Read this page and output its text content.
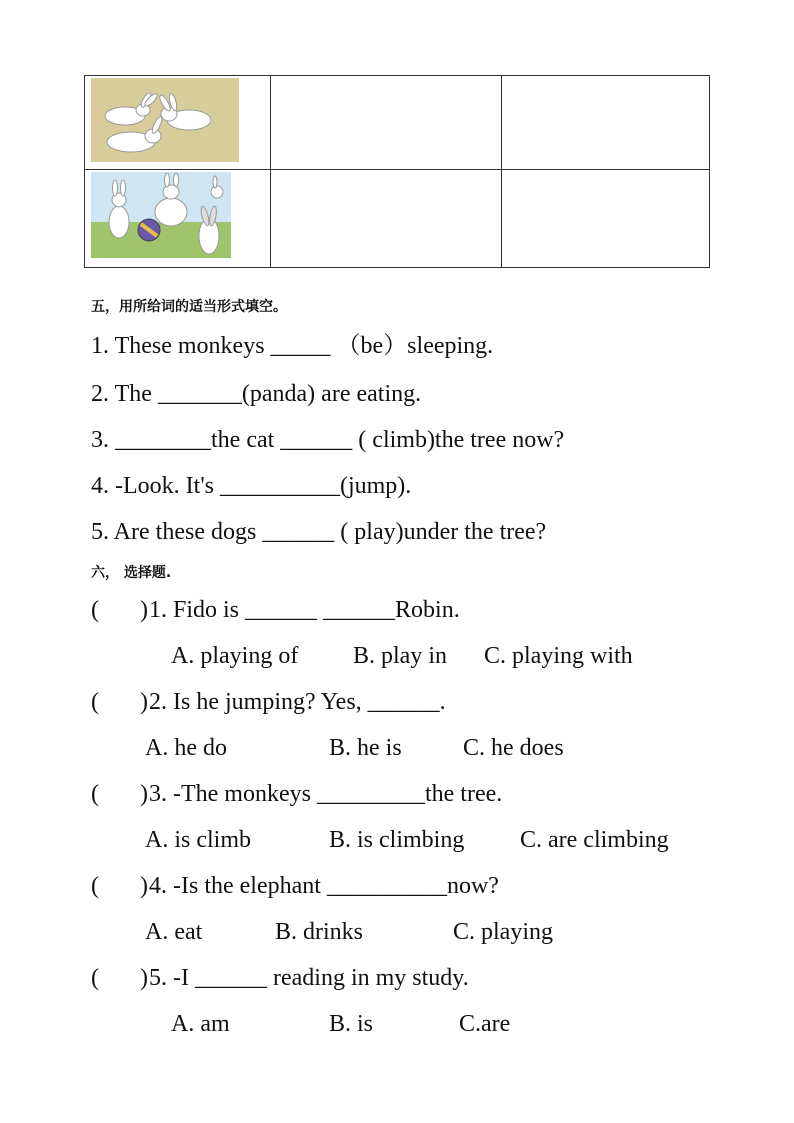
五，用所给词的适当形式填空。
1. These monkeys _____ （be）sleeping.
2. The _______(panda) are eating.
3. ________the cat ______ ( climb)the tree now?
4. -Look. It's __________(jump).
5. Are these dogs ______ ( play)under the tree?
六， 选择题.
( ) 1. Fido is ______ ______Robin.
A. playing of B. play in C. playing with
( ) 2. Is he jumping? Yes, ______.
A. he do	B. he is	C. he does
( ) 3. -The monkeys _________the tree.
A. is climb	B. is climbing C. are climbing
( ) 4. -Is the elephant __________now?
A. eat	B. drinks	C. playing
( ) 5. -I ______ reading in my study.
A. am	B. is	C.are
